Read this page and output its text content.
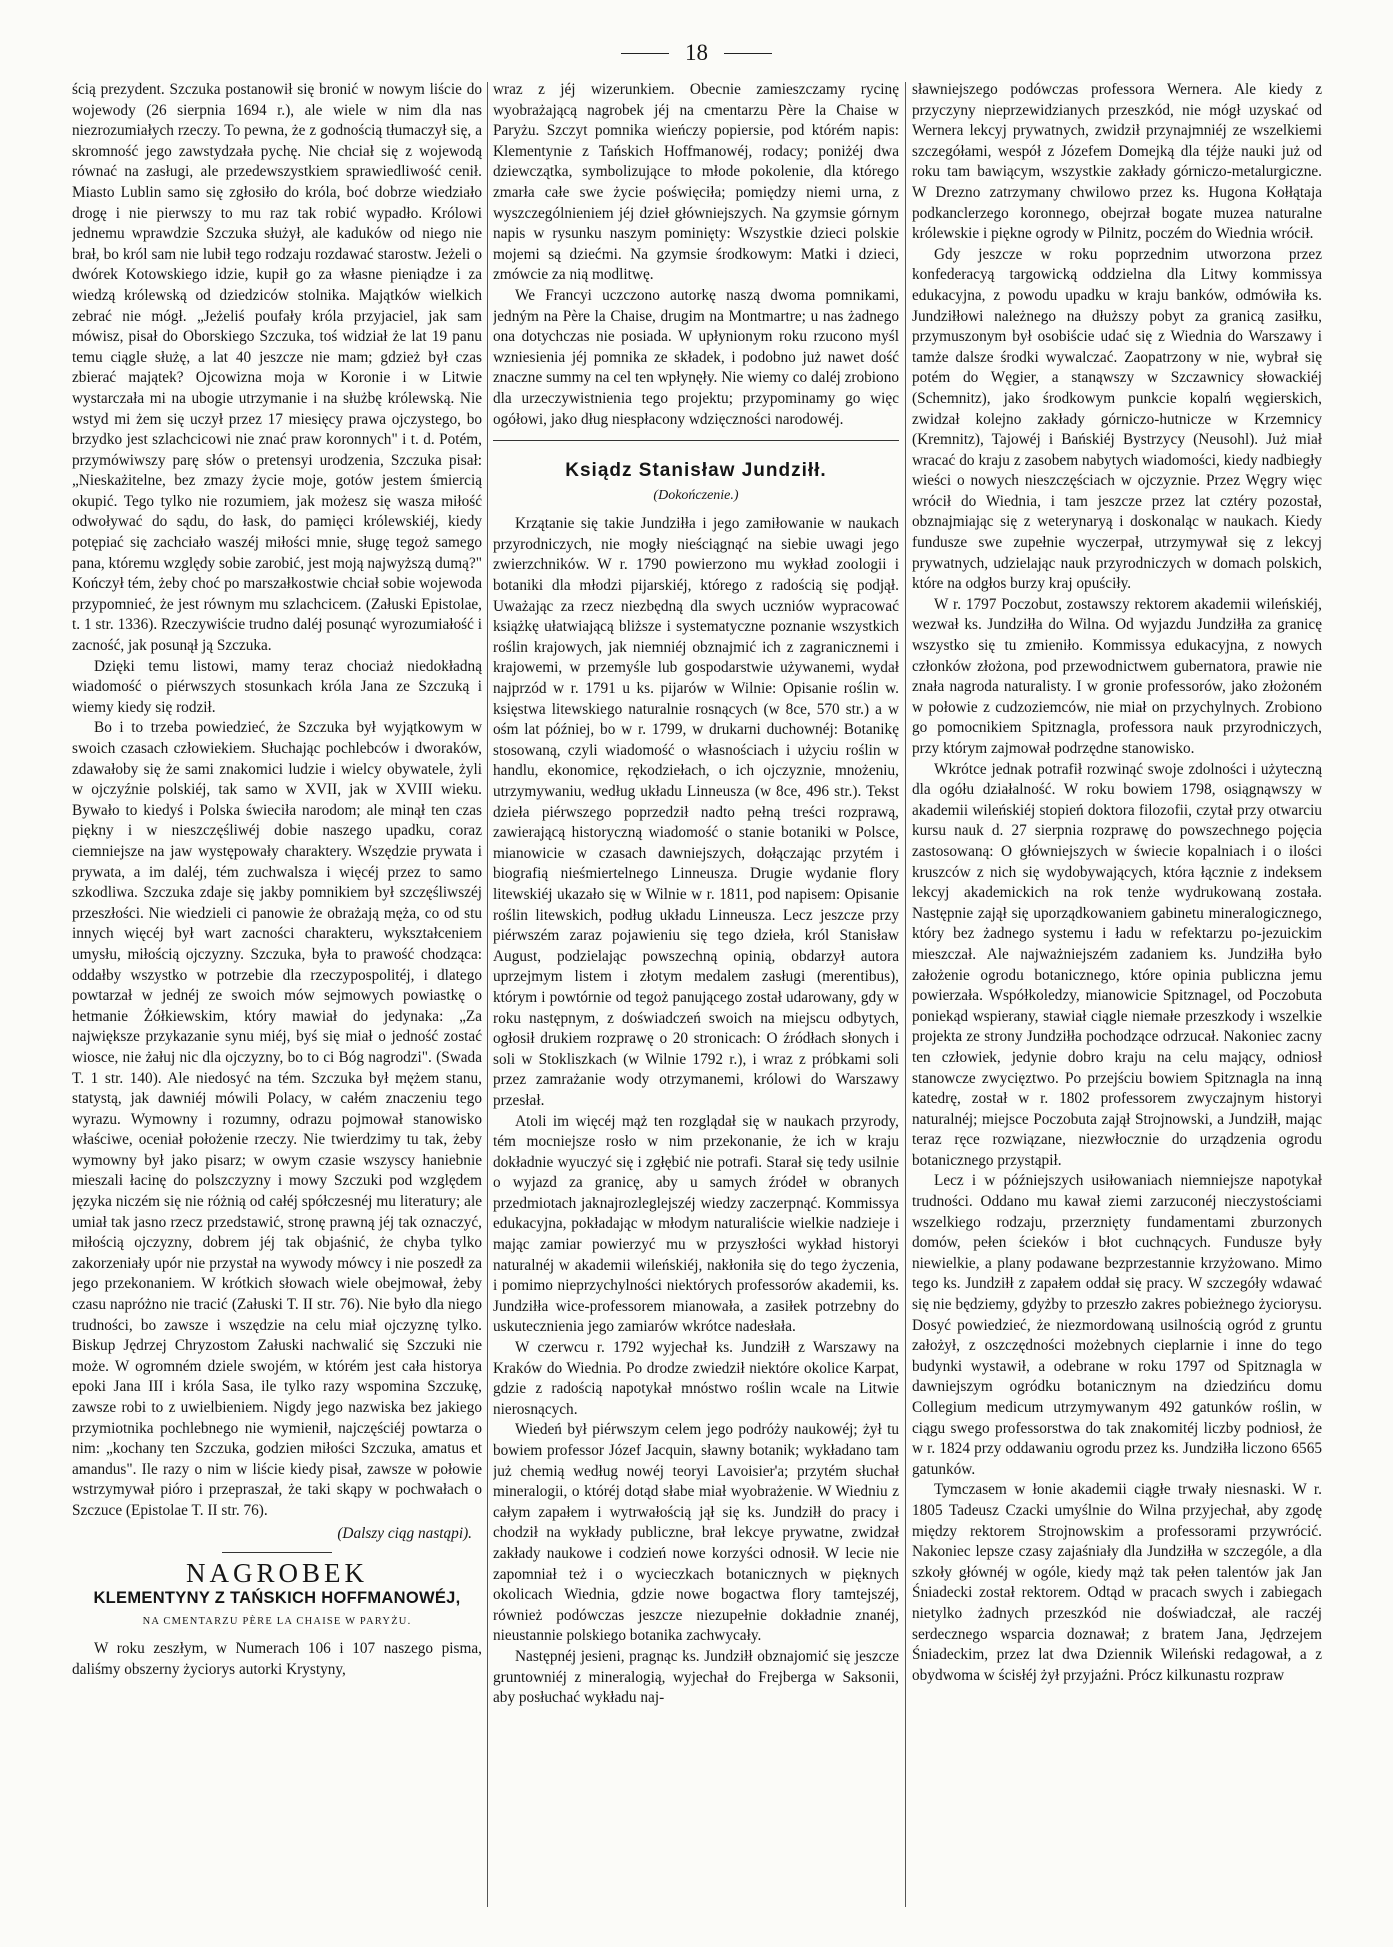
18

ścią prezydent. Szczuka postanowił się bronić w nowym liście do wojewody (26 sierpnia 1694 r.), ale wiele w nim dla nas niezrozumiałych rzeczy. To pewna, że z godnością tłumaczył się, a skromność jego zawstydzała pychę. Nie chciał się z wojewodą równać na zasługi, ale przedewszystkiem sprawiedliwość cenił. Miasto Lublin samo się zgłosiło do króla, boć dobrze wiedziało drogę i nie pierwszy to mu raz tak robić wypadło. Królowi jednemu wprawdzie Szczuka służył, ale kaduków od niego nie brał, bo król sam nie lubił tego rodzaju rozdawać starostw. Jeżeli o dwórek Kotowskiego idzie, kupił go za własne pieniądze i za wiedzą królewską od dziedziców stolnika. Majątków wielkich zebrać nie mógł. „Jeżeliś poufały króla przyjaciel, jak sam mówisz, pisał do Oborskiego Szczuka, toś widział że lat 19 panu temu ciągle służę, a lat 40 jeszcze nie mam; gdzież był czas zbierać majątek? Ojcowizna moja w Koronie i w Litwie wystarczała mi na ubogie utrzymanie i na służbę królewską. Nie wstyd mi żem się uczył przez 17 miesięcy prawa ojczystego, bo brzydko jest szlachcicowi nie znać praw koronnych" i t. d. Potém, przymówiwszy parę słów o pretensyi urodzenia, Szczuka pisał: „Nieskażitelne, bez zmazy życie moje, gotów jestem śmiercią okupić. Tego tylko nie rozumiem, jak możesz się wasza miłość odwoływać do sądu, do łask, do pamięci królewskiéj, kiedy potępiać się zachciało waszéj miłości mnie, sługę tegoż samego pana, któremu względy sobie zarobić, jest moją najwyższą dumą?" Kończył tém, żeby choć po marszałkostwie chciał sobie wojewoda przypomnieć, że jest równym mu szlachcicem. (Załuski Epistolae, t. 1 str. 1336). Rzeczywiście trudno daléj posunąć wyrozumiałość i zacność, jak posunął ją Szczuka.

Dzięki temu listowi, mamy teraz chociaż niedokładną wiadomość o piérwszych stosunkach króla Jana ze Szczuką i wiemy kiedy się rodził.

Bo i to trzeba powiedzieć, że Szczuka był wyjątkowym w swoich czasach człowiekiem. Słuchając pochlebców i dworaków, zdawałoby się że sami znakomici ludzie i wielcy obywatele, żyli w ojczyźnie polskiéj, tak samo w XVII, jak w XVIII wieku. Bywało to kiedyś i Polska świeciła narodom; ale minął ten czas piękny i w nieszczęśliwéj dobie naszego upadku, coraz ciemniejsze na jaw występowały charaktery. Wszędzie prywata i prywata, a im daléj, tém zuchwalsza i więcéj przez to samo szkodliwa. Szczuka zdaje się jakby pomnikiem był szczęśliwszéj przeszłości. Nie wiedzieli ci panowie że obrażają męża, co od stu innych więcéj był wart zacności charakteru, wykształceniem umysłu, miłością ojczyzny. Szczuka, była to prawość chodząca: oddałby wszystko w potrzebie dla rzeczypospolitéj, i dlatego powtarzał w jednéj ze swoich mów sejmowych powiastkę o hetmanie Żółkiewskim, który mawiał do jedynaka: „Za największe przykazanie synu miéj, byś się miał o jedność zostać wiosce, nie żałuj nic dla ojczyzny, bo to ci Bóg nagrodzi". (Swada T. 1 str. 140). Ale niedosyć na tém. Szczuka był mężem stanu, statystą, jak dawniéj mówili Polacy, w całém znaczeniu tego wyrazu. Wymowny i rozumny, odrazu pojmował stanowisko właściwe, oceniał położenie rzeczy. Nie twierdzimy tu tak, żeby wymowny był jako pisarz; w owym czasie wszyscy haniebnie mieszali łacinę do polszczyzny i mowy Szczuki pod względem języka niczém się nie różnią od całéj spółczesnéj mu literatury; ale umiał tak jasno rzecz przedstawić, stronę prawną jéj tak oznaczyć, miłością ojczyzny, dobrem jéj tak objaśnić, że chyba tylko zakorzeniały upór nie przystał na wywody mówcy i nie poszedł za jego przekonaniem. W krótkich słowach wiele obejmował, żeby czasu napróżno nie tracić (Załuski T. II str. 76). Nie było dla niego trudności, bo zawsze i wszędzie na celu miał ojczyznę tylko. Biskup Jędrzej Chryzostom Załuski nachwalić się Szczuki nie może. W ogromném dziele swojém, w którém jest cała historya epoki Jana III i króla Sasa, ile tylko razy wspomina Szczukę, zawsze robi to z uwielbieniem. Nigdy jego nazwiska bez jakiego przymiotnika pochlebnego nie wymienił, najczęściéj powtarza o nim: „kochany ten Szczuka, godzien miłości Szczuka, amatus et amandus". Ile razy o nim w liście kiedy pisał, zawsze w połowie wstrzymywał pióro i przepraszał, że taki skąpy w pochwałach o Szczuce (Epistolae T. II str. 76).

(Dalszy ciąg nastąpi).
NAGROBEK
KLEMENTYNY Z TAŃSKICH HOFFMANOWÉJ,
NA CMENTARZU PÈRE LA CHAISE W PARYŻU.

W roku zeszłym, w Numerach 106 i 107 naszego pisma, daliśmy obszerny życiorys autorki Krystyny,

wraz z jéj wizerunkiem. Obecnie zamieszczamy rycinę wyobrażającą nagrobek jéj na cmentarzu Père la Chaise w Paryżu. Szczyt pomnika wieńczy popiersie, pod którém napis: Klementynie z Tańskich Hoffmanowéj, rodacy; poniżéj dwa dziewczątka, symbolizujące to młode pokolenie, dla którego zmarła całe swe życie poświęciła; pomiędzy niemi urna, z wyszczególnieniem jéj dzieł główniejszych. Na gzymsie górnym napis w rysunku naszym pominięty: Wszystkie dzieci polskie mojemi są dziećmi. Na gzymsie środkowym: Matki i dzieci, zmówcie za nią modlitwę.

We Francyi uczczono autorkę naszą dwoma pomnikami, jedným na Père la Chaise, drugim na Montmartre; u nas żadnego ona dotychczas nie posiada. W upłynionym roku rzucono myśl wzniesienia jéj pomnika ze składek, i podobno już nawet dość znaczne summy na cel ten wpłynęły. Nie wiemy co daléj zrobiono dla urzeczywistnienia tego projektu; przypominamy go więc ogółowi, jako dług niespłacony wdzięczności narodowéj.

Ksiądz Stanisław Jundziłł.
(Dokończenie.)

Krzątanie się takie Jundziłła i jego zamiłowanie w naukach przyrodniczych, nie mogły nieściągnąć na siebie uwagi jego zwierzchników. W r. 1790 powierzono mu wykład zoologii i botaniki dla młodzi pijarskiéj, którego z radością się podjął. Uważając za rzecz niezbędną dla swych uczniów wypracować książkę ułatwiającą bliższe i systematyczne poznanie wszystkich roślin krajowych, jak niemniéj obznajmić ich z zagranicznemi i krajowemi, w przemyśle lub gospodarstwie używanemi, wydał najprzód w r. 1791 u ks. pijarów w Wilnie: Opisanie roślin w. księstwa litewskiego naturalnie rosnących (w 8ce, 570 str.) a w ośm lat później, bo w r. 1799, w drukarni duchownéj: Botanikę stosowaną, czyli wiadomość o własnościach i użyciu roślin w handlu, ekonomice, rękodziełach, o ich ojczyznie, mnożeniu, utrzymywaniu, według układu Linneusza (w 8ce, 496 str.). Tekst dzieła piérwszego poprzedził nadto pełną treści rozprawą, zawierającą historyczną wiadomość o stanie botaniki w Polsce, mianowicie w czasach dawniejszych, dołączając przytém i biografią nieśmiertelnego Linneusza. Drugie wydanie flory litewskiéj ukazało się w Wilnie w r. 1811, pod napisem: Opisanie roślin litewskich, podług układu Linneusza. Lecz jeszcze przy piérwszém zaraz pojawieniu się tego dzieła, król Stanisław August, podzielając powszechną opinią, obdarzył autora uprzejmym listem i złotym medalem zasługi (merentibus), którym i powtórnie od tegoż panującego został udarowany, gdy w roku następnym, z doświadczeń swoich na miejscu odbytych, ogłosił drukiem rozprawę o 20 stronicach: O źródłach słonych i soli w Stokliszkach (w Wilnie 1792 r.), i wraz z próbkami soli przez zamrażanie wody otrzymanemi, królowi do Warszawy przesłał.

Atoli im więcéj mąż ten rozglądał się w naukach przyrody, tém mocniejsze rosło w nim przekonanie, że ich w kraju dokładnie wyuczyć się i zgłębić nie potrafi. Starał się tedy usilnie o wyjazd za granicę, aby u samych źródeł w obranych przedmiotach jaknajrozleglejszéj wiedzy zaczerpnąć. Kommissya edukacyjna, pokładając w młodym naturaliście wielkie nadzieje i mając zamiar powierzyć mu w przyszłości wykład historyi naturalnéj w akademii wileńskiéj, nakłoniła się do tego życzenia, i pomimo nieprzychylności niektórych professorów akademii, ks. Jundziłła wice-professorem mianowała, a zasiłek potrzebny do uskutecznienia jego zamiarów wkrótce nadesłała.

W czerwcu r. 1792 wyjechał ks. Jundziłł z Warszawy na Kraków do Wiednia. Po drodze zwiedził niektóre okolice Karpat, gdzie z radością napotykał mnóstwo roślin wcale na Litwie nierosnących.

Wiedeń był piérwszym celem jego podróży naukowéj; żył tu bowiem professor Józef Jacquin, sławny botanik; wykładano tam już chemią według nowéj teoryi Lavoisier'a; przytém słuchał mineralogii, o któréj dotąd słabe miał wyobrażenie. W Wiedniu z całym zapałem i wytrwałością jął się ks. Jundziłł do pracy i chodził na wykłady publiczne, brał lekcye prywatne, zwidzał zakłady naukowe i codzień nowe korzyści odnosił. W lecie nie zapomniał też i o wycieczkach botanicznych w pięknych okolicach Wiednia, gdzie nowe bogactwa flory tamtejszéj, również podówczas jeszcze niezupełnie dokładnie znanéj, nieustannie polskiego botanika zachwycały.

Następnéj jesieni, pragnąc ks. Jundziłł obznajomić się jeszcze gruntowniéj z mineralogią, wyjechał do Frejberga w Saksonii, aby posłuchać wykładu naj-

sławniejszego podówczas professora Wernera. Ale kiedy z przyczyny nieprzewidzianych przeszkód, nie mógł uzyskać od Wernera lekcyj prywatnych, zwidził przynajmniéj ze wszelkiemi szczegółami, wespół z Józefem Domejką dla téjże nauki już od roku tam bawiącym, wszystkie zakłady górniczo-metalurgiczne. W Drezno zatrzymany chwilowo przez ks. Hugona Kołłątaja podkanclerzego koronnego, obejrzał bogate muzea naturalne królewskie i piękne ogrody w Pilnitz, poczém do Wiednia wrócił.

Gdy jeszcze w roku poprzednim utworzona przez konfederacyą targowicką oddzielna dla Litwy kommissya edukacyjna, z powodu upadku w kraju banków, odmówiła ks. Jundziłłowi należnego na dłuższy pobyt za granicą zasiłku, przymuszonym był osobiście udać się z Wiednia do Warszawy i tamże dalsze środki wywalczać. Zaopatrzony w nie, wybrał się potém do Węgier, a stanąwszy w Szczawnicy słowackiéj (Schemnitz), jako środkowym punkcie kopalń węgierskich, zwidzał kolejno zakłady górniczo-hutnicze w Krzemnicy (Kremnitz), Tajowéj i Bańskiéj Bystrzycy (Neusohl). Już miał wracać do kraju z zasobem nabytych wiadomości, kiedy nadbiegły wieści o nowych nieszczęściach w ojczyznie. Przez Węgry więc wrócił do Wiednia, i tam jeszcze przez lat cztéry pozostał, obznajmiając się z weterynaryą i doskonaląc w naukach. Kiedy fundusze swe zupełnie wyczerpał, utrzymywał się z lekcyj prywatnych, udzielając nauk przyrodniczych w domach polskich, które na odgłos burzy kraj opuściły.

W r. 1797 Poczobut, zostawszy rektorem akademii wileńskiéj, wezwał ks. Jundziłła do Wilna. Od wyjazdu Jundziłła za granicę wszystko się tu zmieniło. Kommissya edukacyjna, z nowych członków złożona, pod przewodnictwem gubernatora, prawie nie znała nagroda naturalisty. I w gronie professorów, jako złożoném w połowie z cudzoziemców, nie miał on przychylnych. Zrobiono go pomocnikiem Spitznagla, professora nauk przyrodniczych, przy którym zajmował podrzędne stanowisko.

Wkrótce jednak potrafił rozwinąć swoje zdolności i użyteczną dla ogółu działalność. W roku bowiem 1798, osiągnąwszy w akademii wileńskiéj stopień doktora filozofii, czytał przy otwarciu kursu nauk d. 27 sierpnia rozprawę do powszechnego pojęcia zastosowaną: O główniejszych w świecie kopalniach i o ilości kruszców z nich się wydobywających, która łącznie z indeksem lekcyj akademickich na rok tenże wydrukowaną została. Następnie zajął się uporządkowaniem gabinetu mineralogicznego, który bez żadnego systemu i ładu w refektarzu po-jezuickim mieszczał. Ale najważniejszém zadaniem ks. Jundziłła było założenie ogrodu botanicznego, które opinia publiczna jemu powierzała. Współkoledzy, mianowicie Spitznagel, od Poczobuta poniekąd wspierany, stawiał ciągle niemałe przeszkody i wszelkie projekta ze strony Jundziłła pochodzące odrzucał. Nakoniec zacny ten człowiek, jedynie dobro kraju na celu mający, odniosł stanowcze zwycięztwo. Po przejściu bowiem Spitznagla na inną katedrę, został w r. 1802 professorem zwyczajnym historyi naturalnéj; miejsce Poczobuta zajął Strojnowski, a Jundziłł, mając teraz ręce rozwiązane, niezwłocznie do urządzenia ogrodu botanicznego przystąpił.

Lecz i w późniejszych usiłowaniach niemniejsze napotykał trudności. Oddano mu kawał ziemi zarzuconéj nieczystościami wszelkiego rodzaju, przerznięty fundamentami zburzonych domów, pełen ścieków i błot cuchnących. Fundusze były niewielkie, a plany podawane bezprzestannie krzyżowano. Mimo tego ks. Jundziłł z zapałem oddał się pracy. W szczegóły wdawać się nie będziemy, gdyżby to przeszło zakres pobieżnego życiorysu. Dosyć powiedzieć, że niezmordowaną usilnością ogród z gruntu założył, z oszczędności możebnych cieplarnie i inne do tego budynki wystawił, a odebrane w roku 1797 od Spitznagla w dawniejszym ogródku botanicznym na dziedzińcu domu Collegium medicum utrzymywanym 492 gatunków roślin, w ciągu swego professorstwa do tak znakomitéj liczby podniosł, że w r. 1824 przy oddawaniu ogrodu przez ks. Jundziłła liczono 6565 gatunków.

Tymczasem w łonie akademii ciągłe trwały niesnaski. W r. 1805 Tadeusz Czacki umyślnie do Wilna przyjechał, aby zgodę między rektorem Strojnowskim a professorami przywrócić. Nakoniec lepsze czasy zajaśniały dla Jundziłła w szczególe, a dla szkoły głównéj w ogóle, kiedy mąż tak pełen talentów jak Jan Śniadecki został rektorem. Odtąd w pracach swych i zabiegach nietylko żadnych przeszkód nie doświadczał, ale raczéj serdecznego wsparcia doznawał; z bratem Jana, Jędrzejem Śniadeckim, przez lat dwa Dziennik Wileński redagował, a z obydwoma w ścisłéj żył przyjaźni. Prócz kilkunastu rozpraw
